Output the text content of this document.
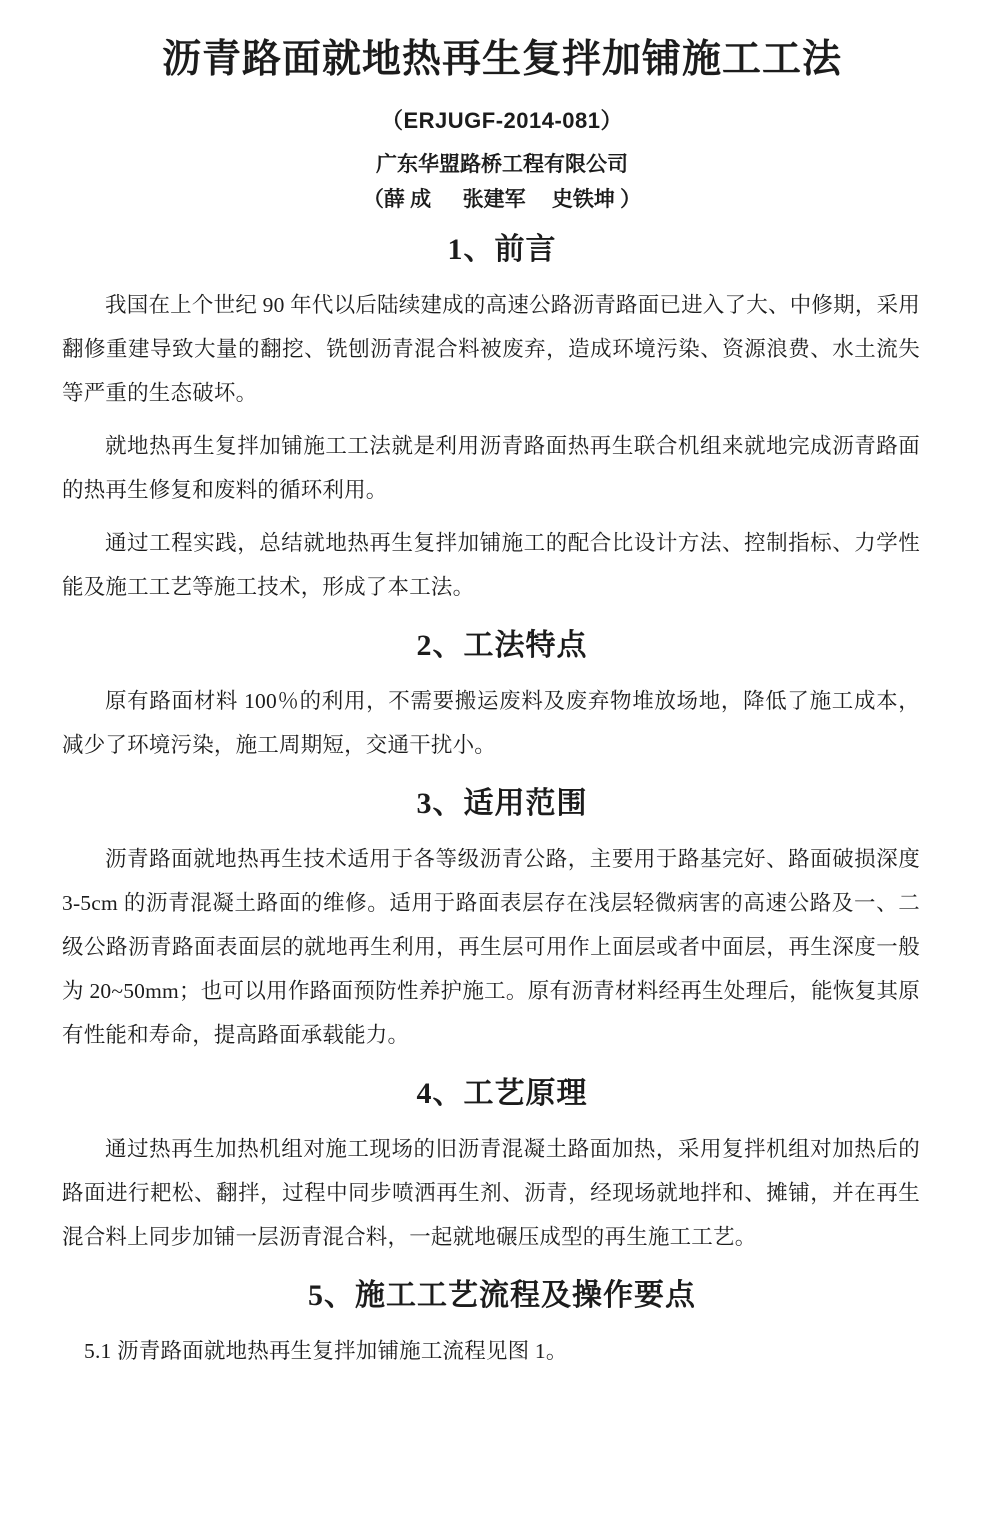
沥青路面就地热再生复拌加铺施工工法

（ERJUGF-2014-081）

广东华盟路桥工程有限公司

（薛 成      张建军     史铁坤 ）

1、前言

我国在上个世纪 90 年代以后陆续建成的高速公路沥青路面已进入了大、中修期，采用翻修重建导致大量的翻挖、铣刨沥青混合料被废弃，造成环境污染、资源浪费、水土流失等严重的生态破坏。

就地热再生复拌加铺施工工法就是利用沥青路面热再生联合机组来就地完成沥青路面的热再生修复和废料的循环利用。

通过工程实践，总结就地热再生复拌加铺施工的配合比设计方法、控制指标、力学性能及施工工艺等施工技术，形成了本工法。

2、工法特点

原有路面材料 100％的利用，不需要搬运废料及废弃物堆放场地，降低了施工成本，减少了环境污染，施工周期短，交通干扰小。

3、适用范围

沥青路面就地热再生技术适用于各等级沥青公路，主要用于路基完好、路面破损深度 3-5cm 的沥青混凝土路面的维修。适用于路面表层存在浅层轻微病害的高速公路及一、二级公路沥青路面表面层的就地再生利用，再生层可用作上面层或者中面层，再生深度一般为 20~50mm；也可以用作路面预防性养护施工。原有沥青材料经再生处理后，能恢复其原有性能和寿命，提高路面承载能力。

4、工艺原理

通过热再生加热机组对施工现场的旧沥青混凝土路面加热，采用复拌机组对加热后的路面进行耙松、翻拌，过程中同步喷洒再生剂、沥青，经现场就地拌和、摊铺，并在再生混合料上同步加铺一层沥青混合料，一起就地碾压成型的再生施工工艺。

5、施工工艺流程及操作要点

5.1 沥青路面就地热再生复拌加铺施工流程见图 1。
